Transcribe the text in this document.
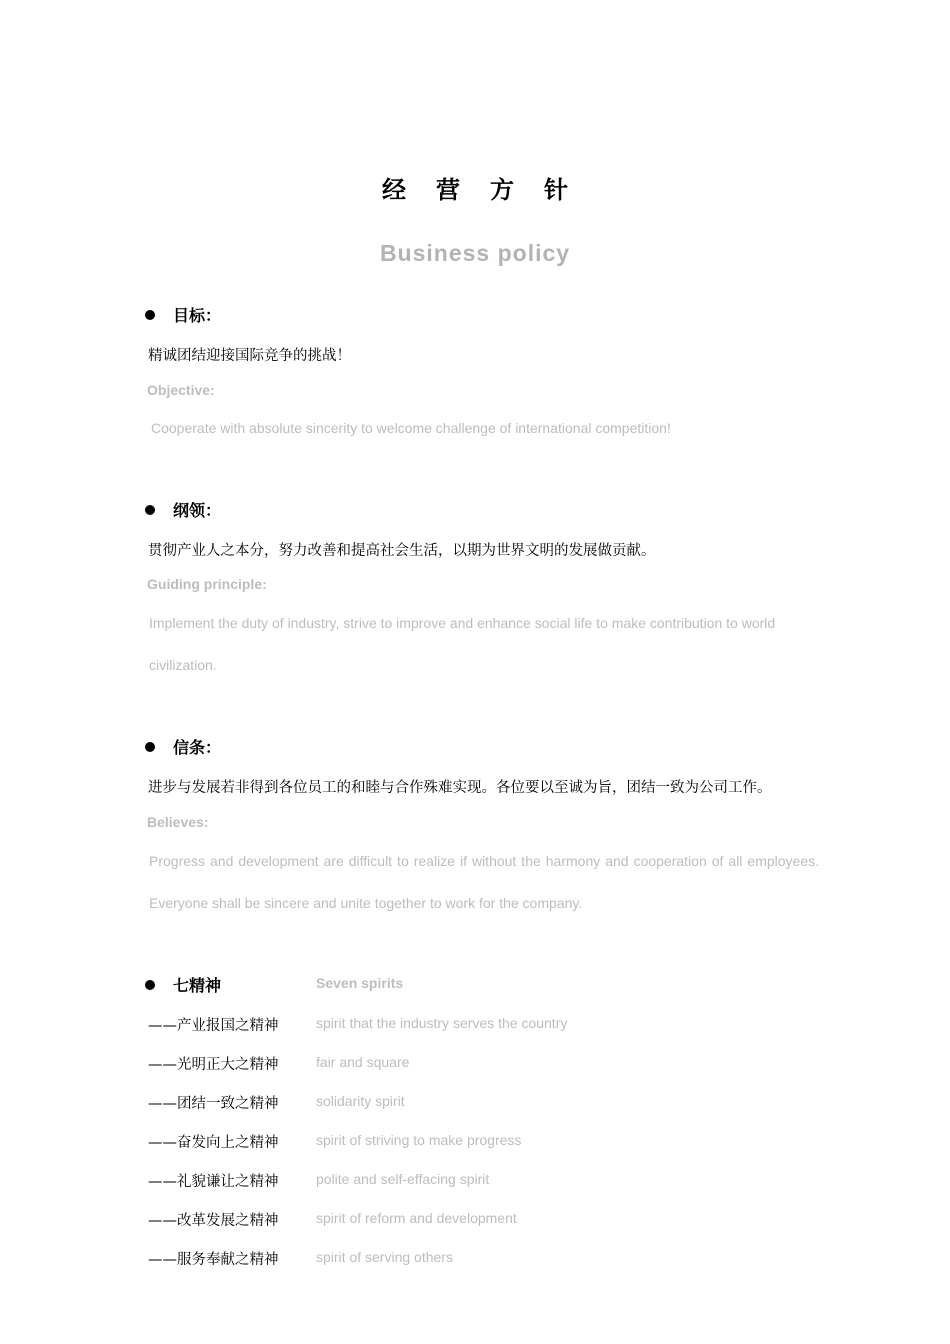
经营方针
Business policy
目标：
精诚团结迎接国际竞争的挑战！
Objective:
Cooperate with absolute sincerity to welcome challenge of international competition!
纲领：
贯彻产业人之本分，努力改善和提高社会生活，以期为世界文明的发展做贡献。
Guiding principle:
Implement the duty of industry, strive to improve and enhance social life to make contribution to world civilization.
信条：
进步与发展若非得到各位员工的和睦与合作殊难实现。各位要以至诚为旨，团结一致为公司工作。
Believes:
Progress and development are difficult to realize if without the harmony and cooperation of all employees. Everyone shall be sincere and unite together to work for the company.
七精神	Seven spirits
——产业报国之精神	spirit that the industry serves the country
——光明正大之精神	fair and square
——团结一致之精神	solidarity spirit
——奋发向上之精神	spirit of striving to make progress
——礼貌谦让之精神	polite and self-effacing spirit
——改革发展之精神	spirit of reform and development
——服务奉献之精神	spirit of serving others
